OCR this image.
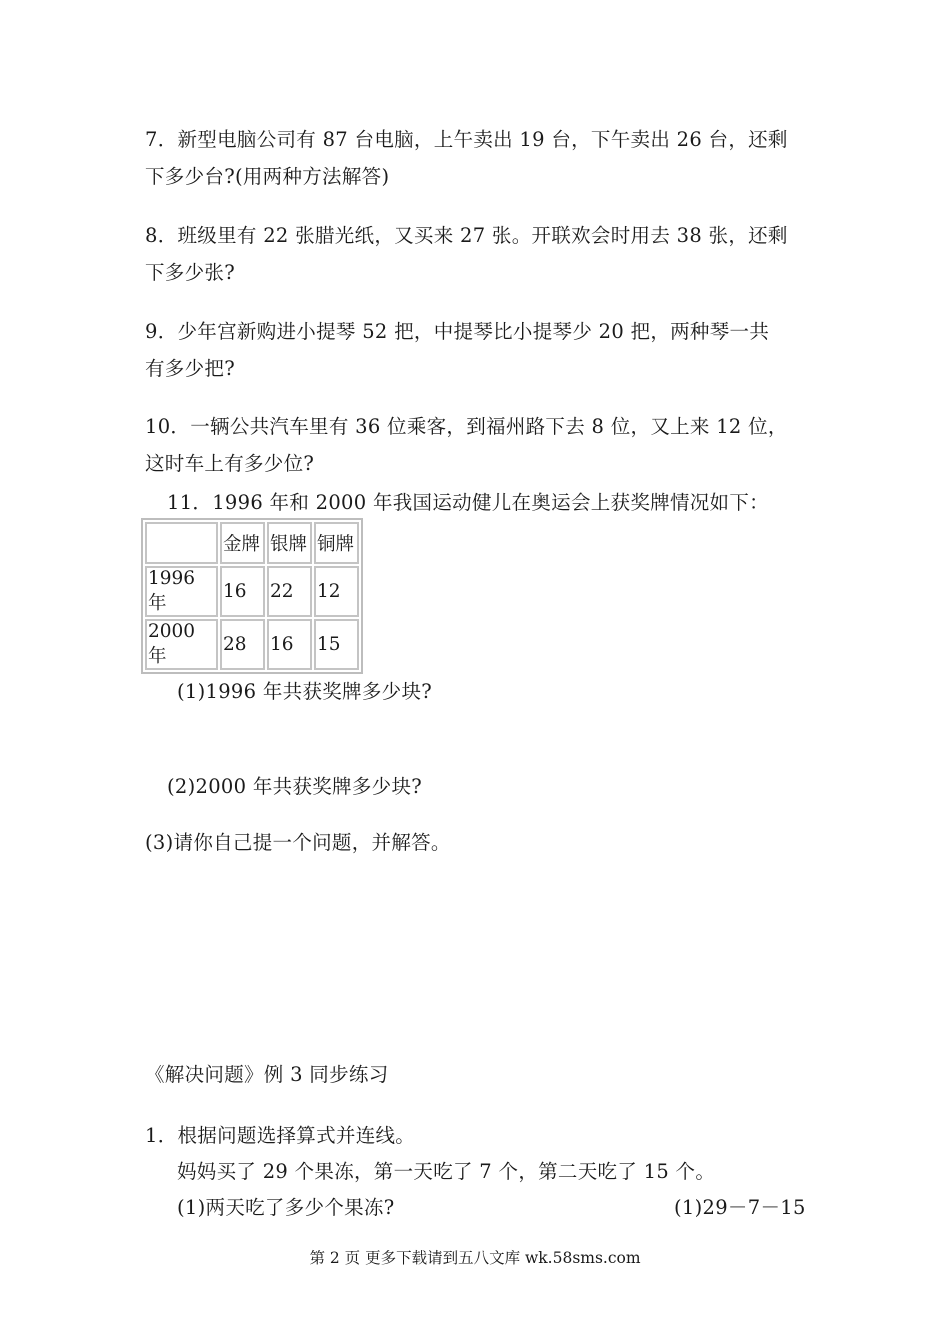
7．新型电脑公司有 87 台电脑，上午卖出 19 台，下午卖出 26 台，还剩
下多少台?(用两种方法解答)
8．班级里有 22 张腊光纸，又买来 27 张。开联欢会时用去 38 张，还剩
下多少张?
9．少年宫新购进小提琴 52 把，中提琴比小提琴少 20 把，两种琴一共
有多少把?
10．一辆公共汽车里有 36 位乘客，到福州路下去 8 位，又上来 12 位，
这时车上有多少位?
11．1996 年和 2000 年我国运动健儿在奥运会上获奖牌情况如下：
	金牌	银牌	铜牌
1996 年	16	22	12
2000 年	28	16	15
(1)1996 年共获奖牌多少块?
(2)2000 年共获奖牌多少块?
(3)请你自己提一个问题，并解答。
《解决问题》例 3 同步练习
1．根据问题选择算式并连线。
妈妈买了 29 个果冻，第一天吃了 7 个，第二天吃了 15 个。
(1)两天吃了多少个果冻?	(1)29－7－15
第 2 页 更多下载请到五八文库 wk.58sms.com
